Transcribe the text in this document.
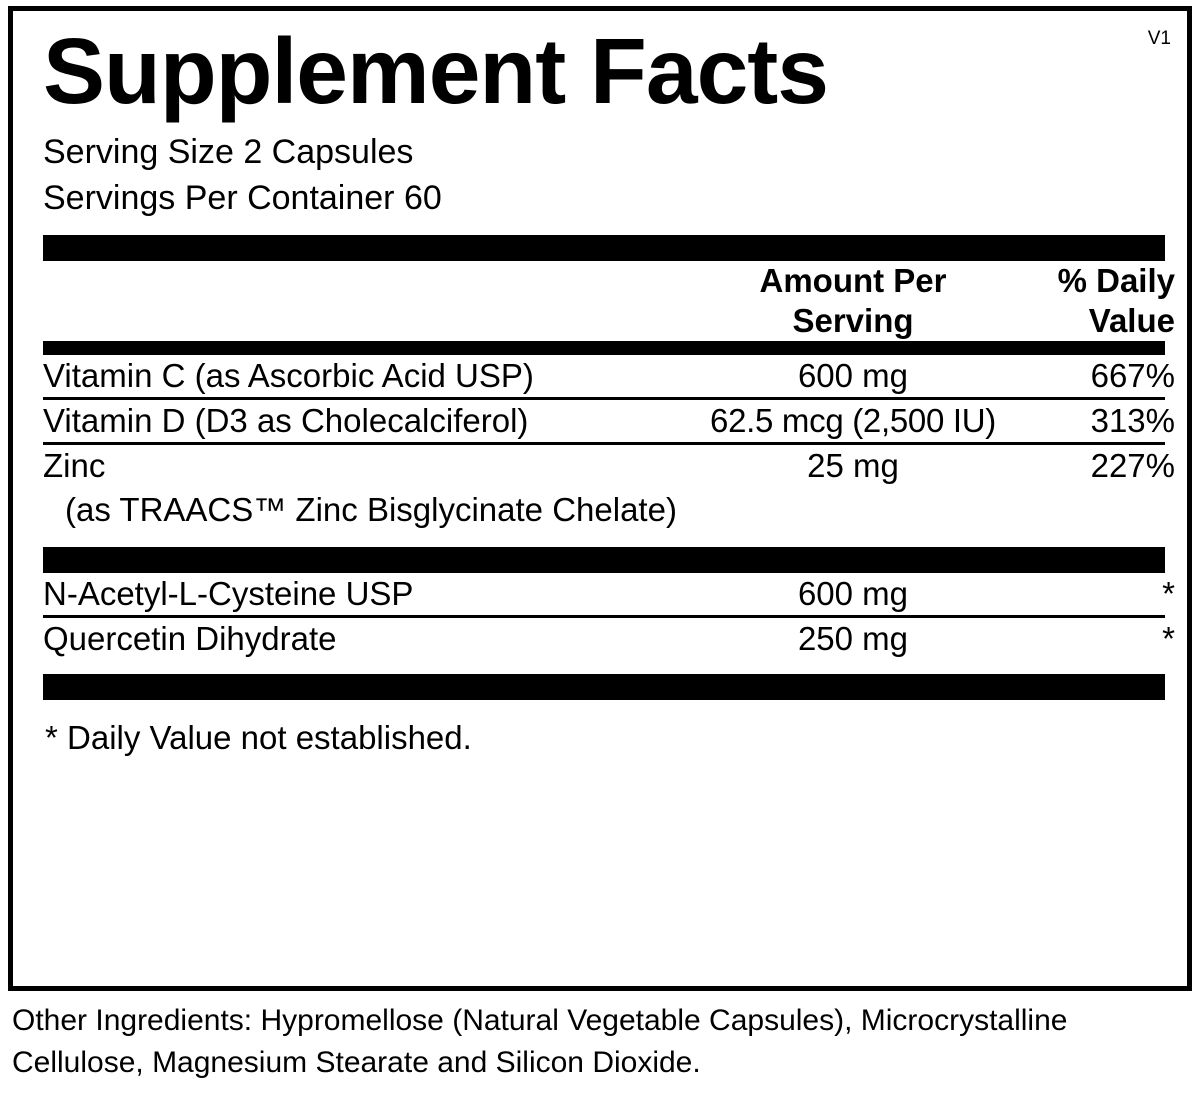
Supplement Facts	V1
Serving Size 2 Capsules
Servings Per Container 60

Amount Per
Serving

% Daily
Value
Vitamin C (as Ascorbic Acid USP)	600 mg	667%
Vitamin D (D3 as Cholecalciferol)	62.5 mcg (2,500 IU)	313%
Zinc	25 mg	227%
(as TRAACS™ Zinc Bisglycinate Chelate)
N-Acetyl-L-Cysteine USP	600 mg	*
Quercetin Dihydrate	250 mg	*
* Daily Value not established.
Other Ingredients: Hypromellose (Natural Vegetable Capsules), Microcrystalline Cellulose, Magnesium Stearate and Silicon Dioxide.
